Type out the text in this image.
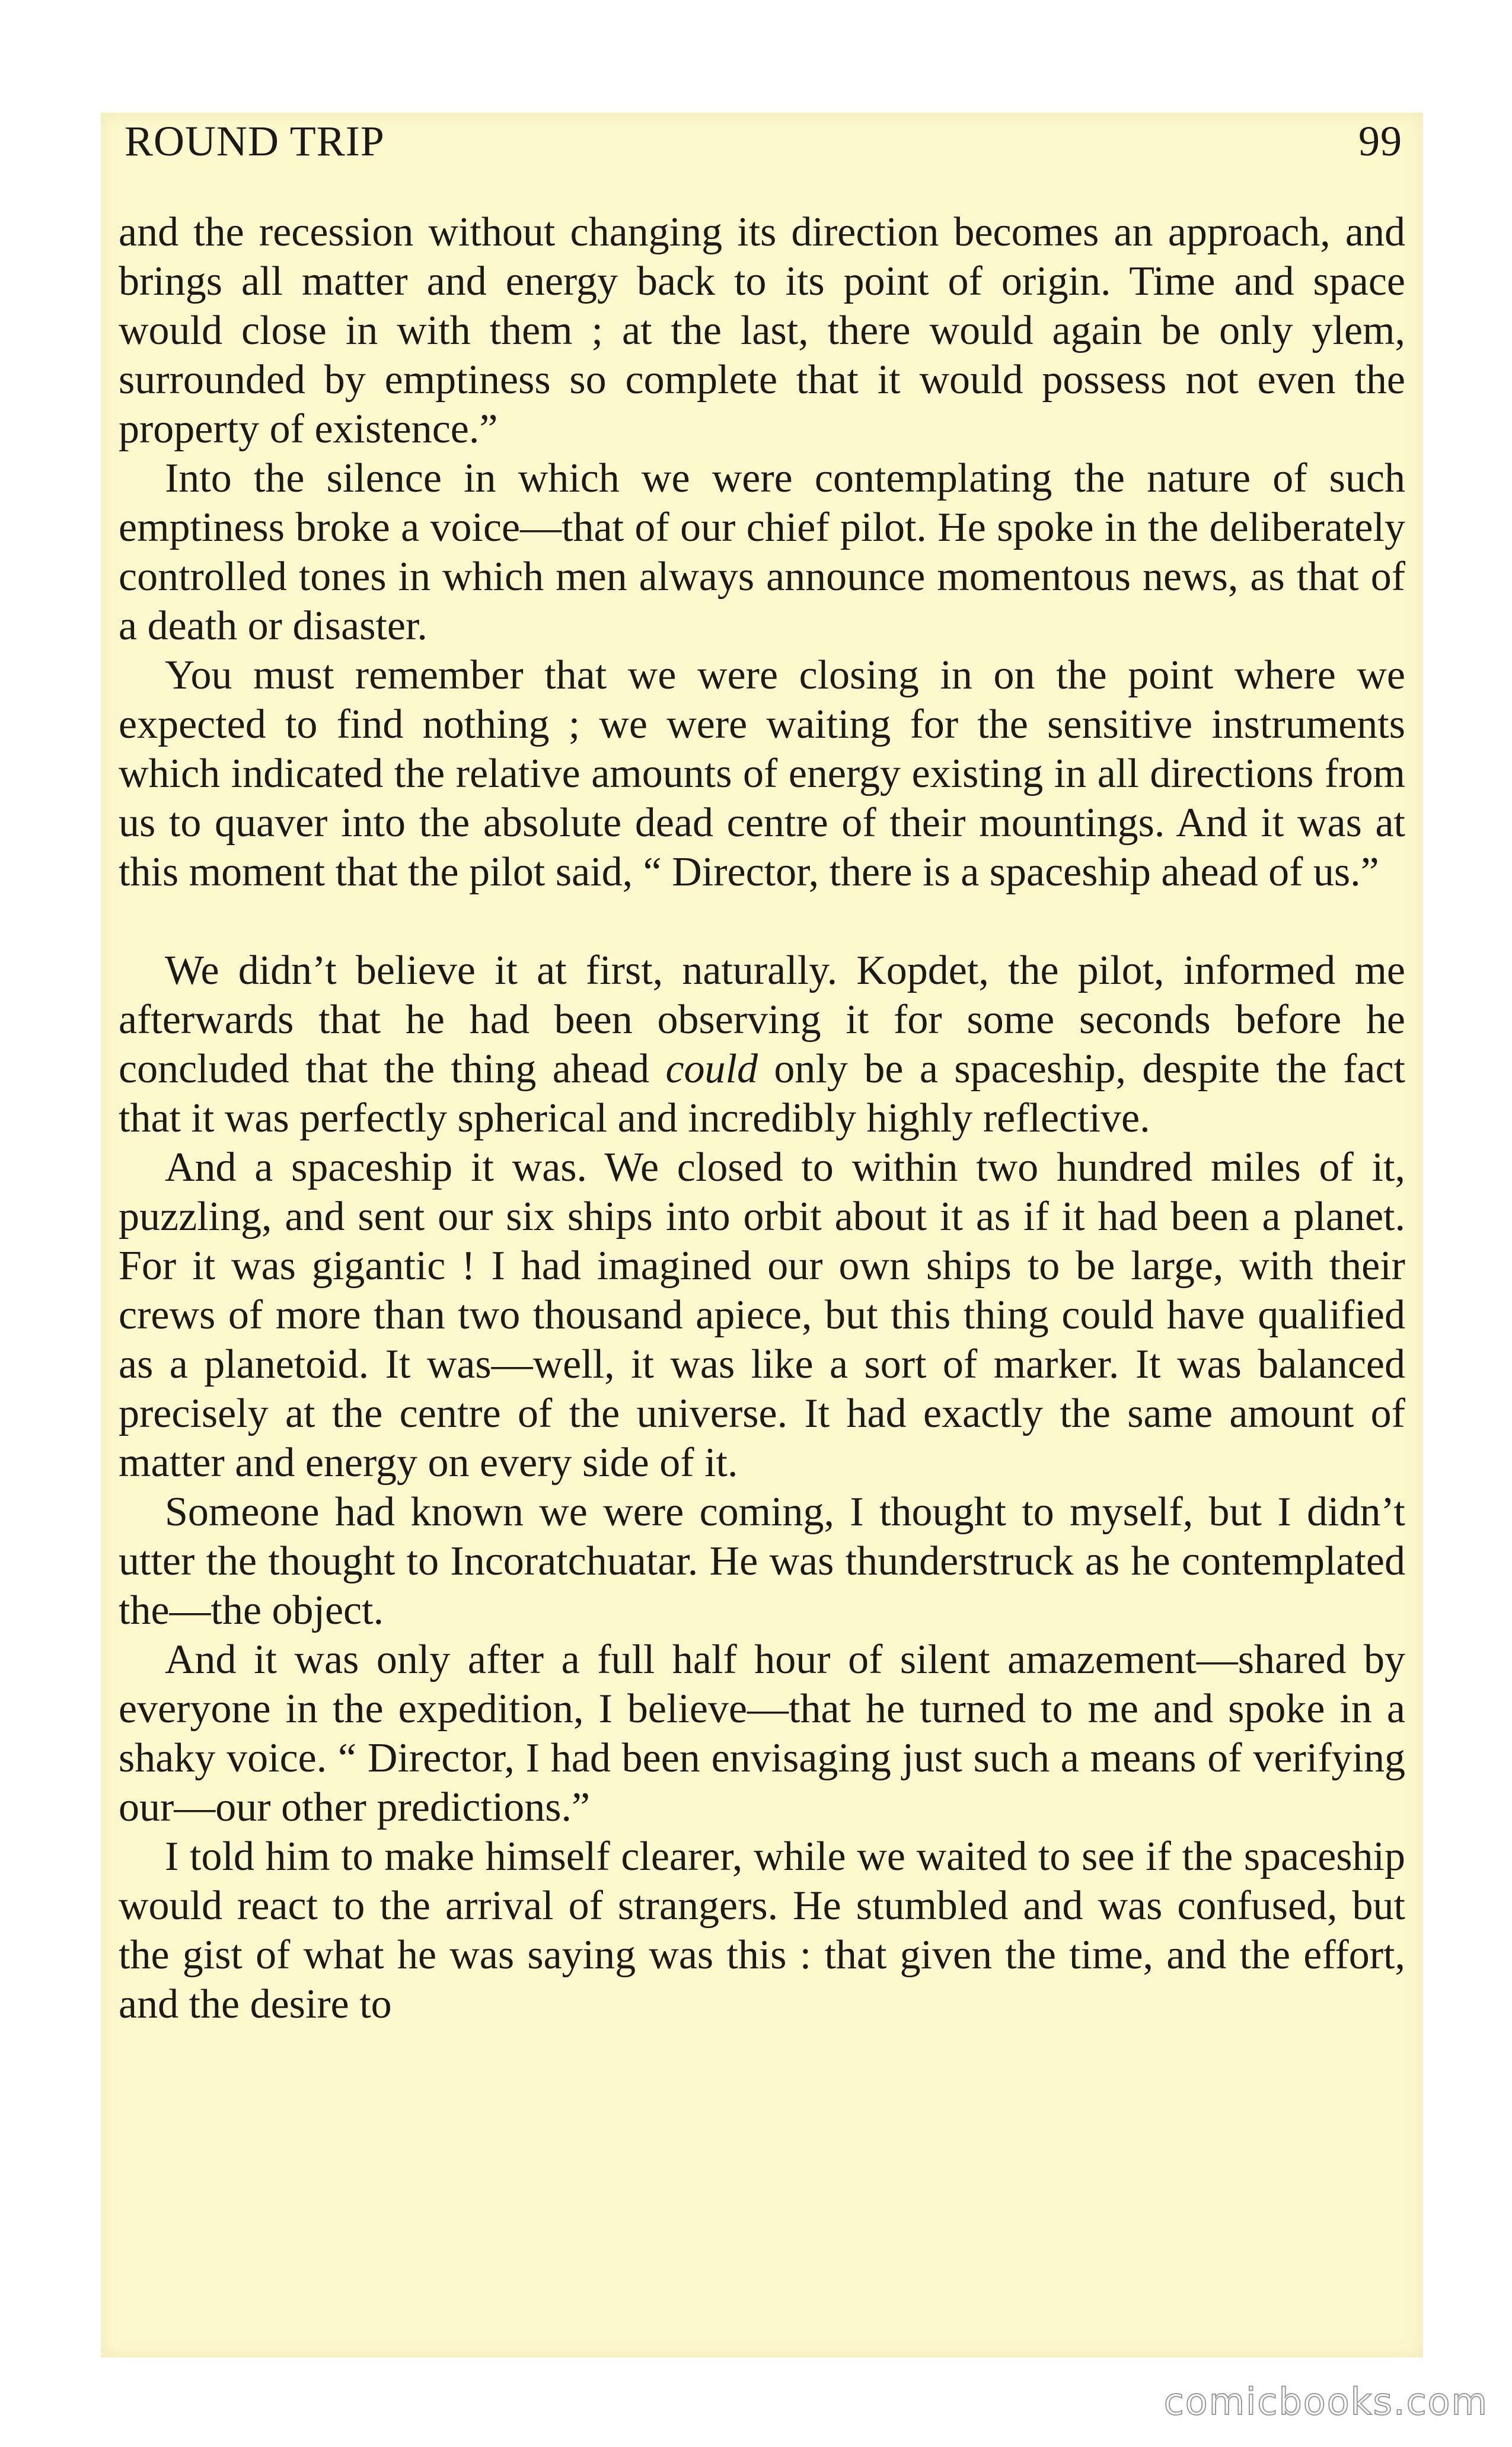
ROUND TRIP	99

and the recession without changing its direction becomes an approach, and brings all matter and energy back to its point of origin. Time and space would close in with them ; at the last, there would again be only ylem, surrounded by emptiness so complete that it would possess not even the property of existence.”

Into the silence in which we were contemplating the nature of such emptiness broke a voice—that of our chief pilot. He spoke in the deliberately controlled tones in which men always announce momentous news, as that of a death or disaster.

You must remember that we were closing in on the point where we expected to find nothing ; we were waiting for the sensitive instruments which indicated the relative amounts of energy existing in all directions from us to quaver into the absolute dead centre of their mountings. And it was at this moment that the pilot said, “ Director, there is a spaceship ahead of us.”

We didn’t believe it at first, naturally. Kopdet, the pilot, informed me afterwards that he had been observing it for some seconds before he concluded that the thing ahead could only be a spaceship, despite the fact that it was perfectly spherical and incredibly highly reflective.

And a spaceship it was. We closed to within two hundred miles of it, puzzling, and sent our six ships into orbit about it as if it had been a planet. For it was gigantic ! I had imagined our own ships to be large, with their crews of more than two thousand apiece, but this thing could have qualified as a planetoid. It was—well, it was like a sort of marker. It was balanced precisely at the centre of the universe. It had exactly the same amount of matter and energy on every side of it.

Someone had known we were coming, I thought to myself, but I didn’t utter the thought to Incoratchuatar. He was thunderstruck as he contemplated the—the object.

And it was only after a full half hour of silent amazement—shared by everyone in the expedition, I believe—that he turned to me and spoke in a shaky voice. “ Director, I had been envisaging just such a means of verifying our—our other predictions.”

I told him to make himself clearer, while we waited to see if the spaceship would react to the arrival of strangers. He stumbled and was confused, but the gist of what he was saying was this : that given the time, and the effort, and the desire to

comicbooks.com
